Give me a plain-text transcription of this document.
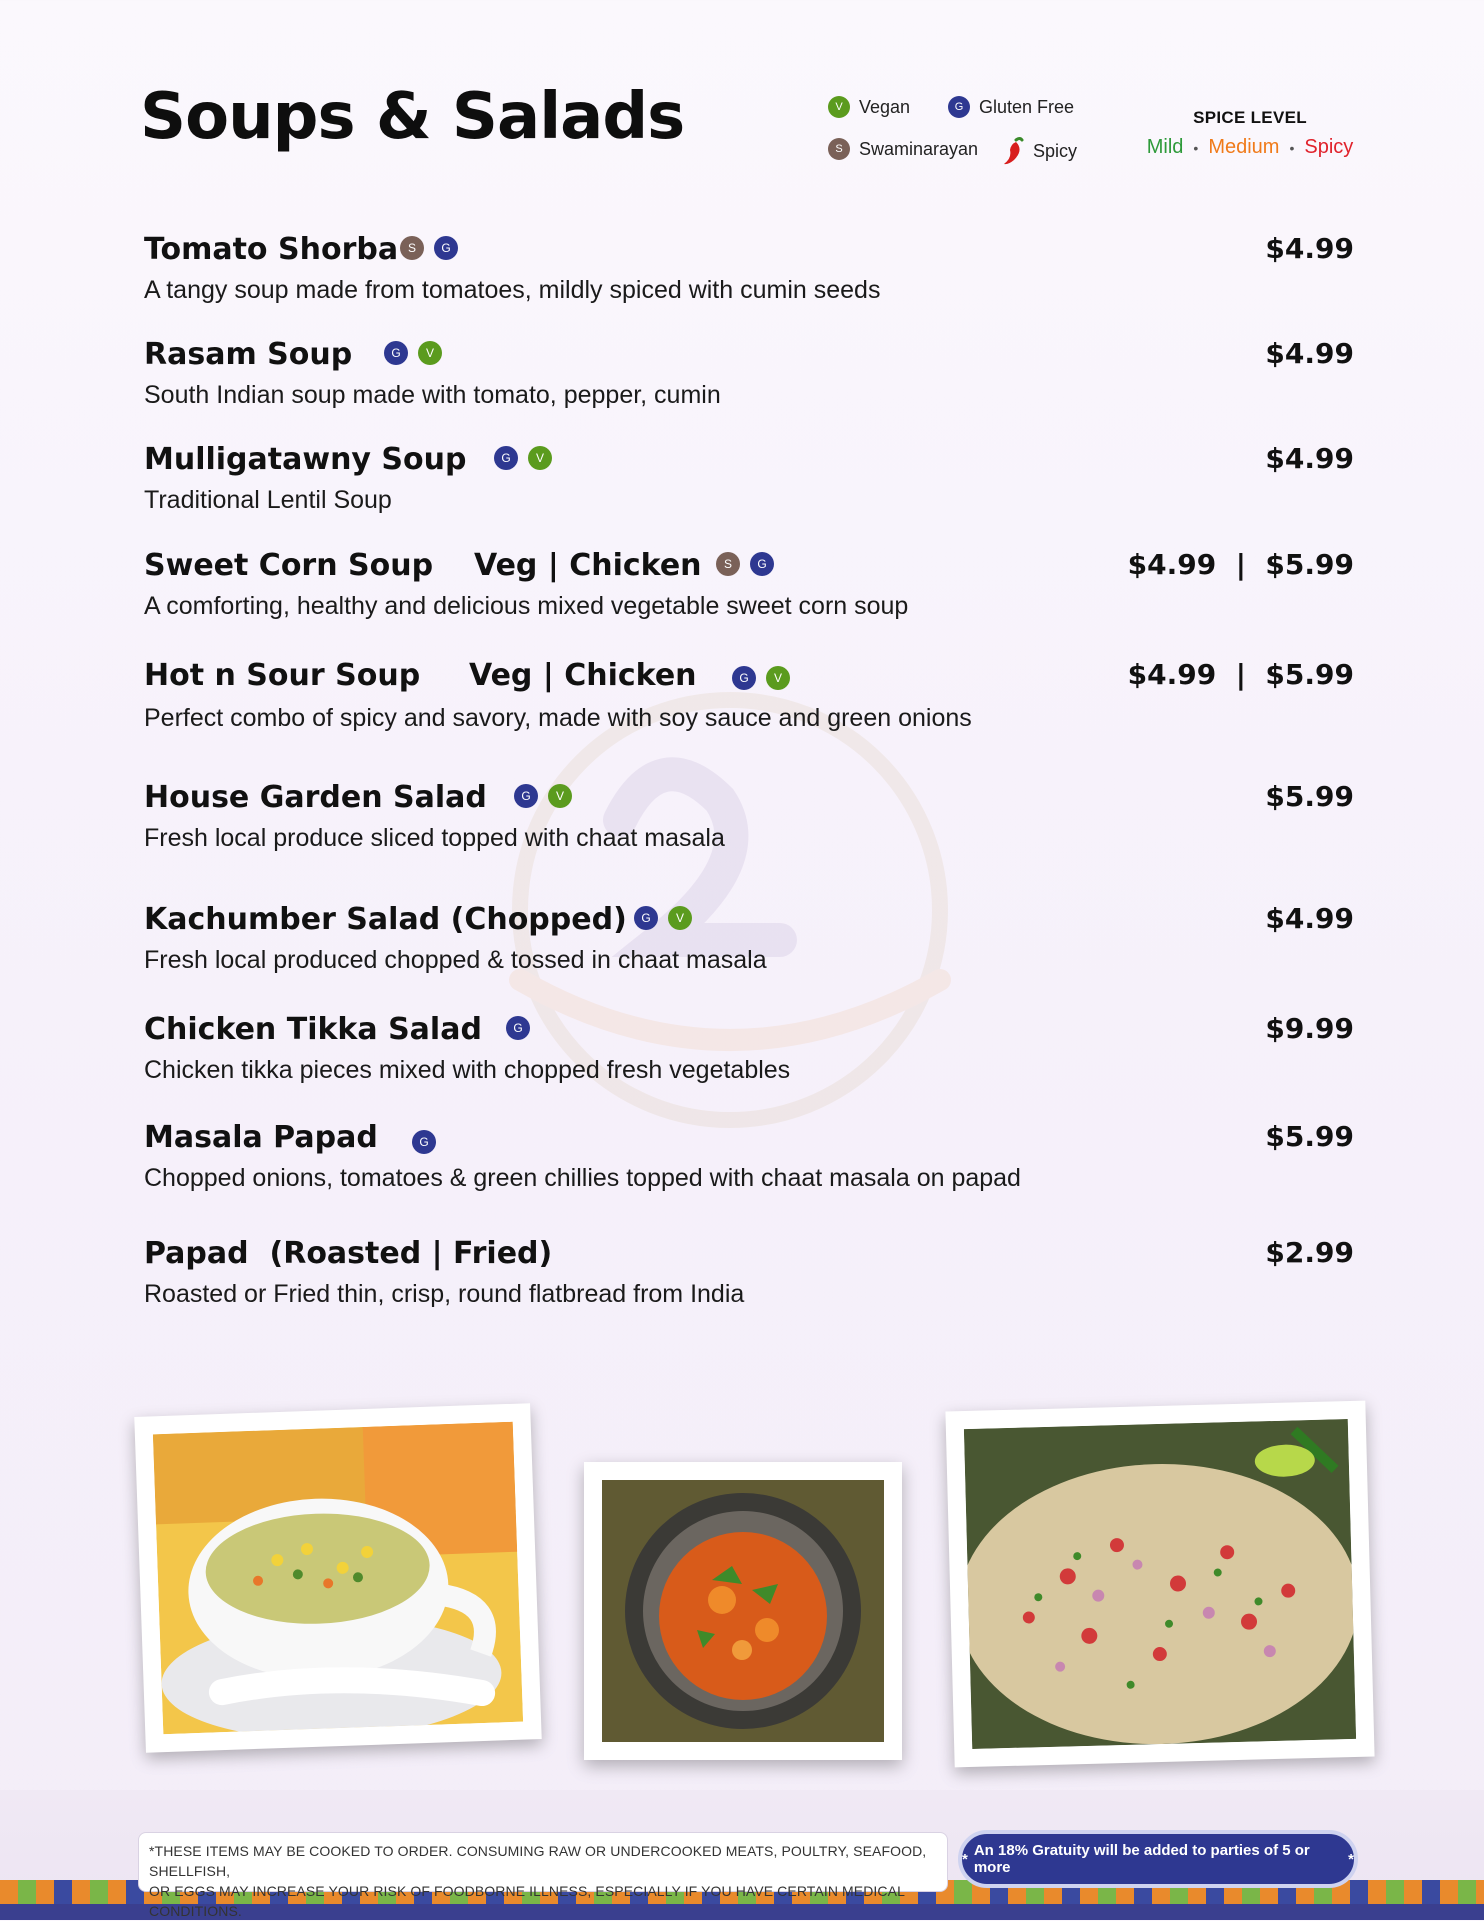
Soups & Salads	V Vegan	G Gluten Free
S Swaminarayan	Spicy
SPICE LEVEL
Mild • Medium • Spicy
Tomato Shorba S	G	$4.99
A tangy soup made from tomatoes, mildly spiced with cumin seeds
Rasam Soup	G	V	$4.99
South Indian soup made with tomato, pepper, cumin
Mulligatawny Soup	G	V	$4.99
Traditional Lentil Soup
Sweet Corn Soup Veg | Chicken	S	G	$4.99  |  $5.99
A comforting, healthy and delicious mixed vegetable sweet corn soup
Hot n Sour Soup Veg | Chicken	G	V	$4.99  |  $5.99
Perfect combo of spicy and savory, made with soy sauce and green onions
House Garden Salad	G	V	$5.99
Fresh local produce sliced topped with chaat masala
Kachumber Salad (Chopped)	G	V	$4.99
Fresh local produced chopped & tossed in chaat masala
Chicken Tikka Salad	G	$9.99
Chicken tikka pieces mixed with chopped fresh vegetables
Masala Papad	G	$5.99
Chopped onions, tomatoes & green chillies topped with chaat masala on papad
Papad  (Roasted | Fried)	$2.99
Roasted or Fried thin, crisp, round flatbread from India
*THESE ITEMS MAY BE COOKED TO ORDER. CONSUMING RAW OR UNDERCOOKED MEATS, POULTRY, SEAFOOD, SHELLFISH,
OR EGGS MAY INCREASE YOUR RISK OF FOODBORNE ILLNESS, ESPECIALLY IF YOU HAVE CERTAIN MEDICAL CONDITIONS.
* An 18% Gratuity will be added to parties of 5 or more	*
